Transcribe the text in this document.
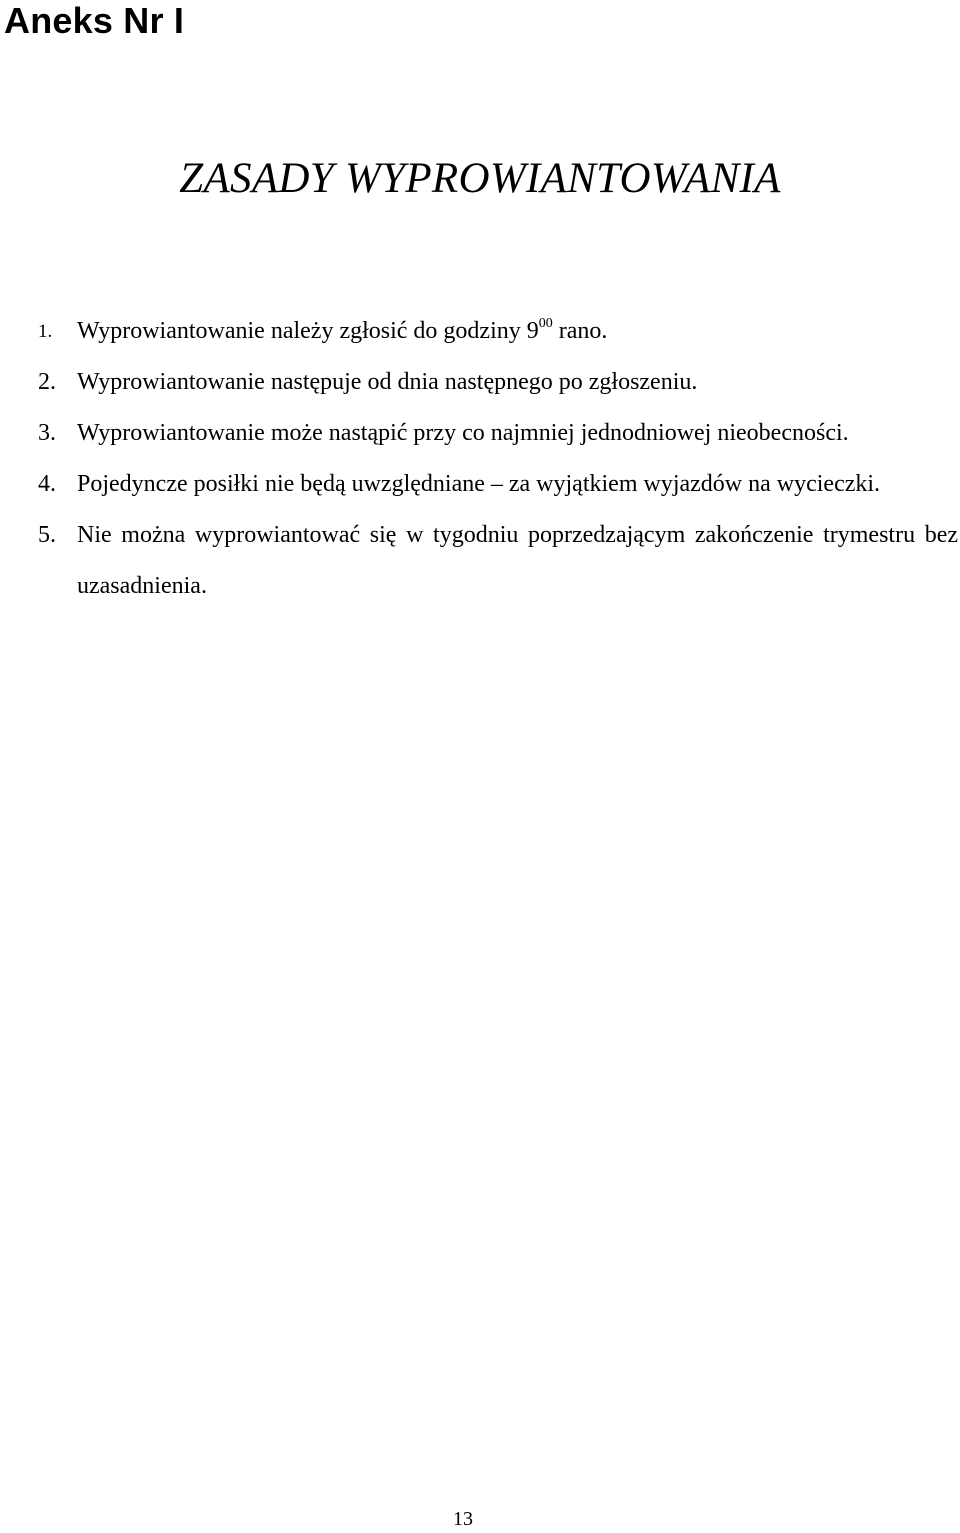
Aneks Nr I
ZASADY WYPROWIANTOWANIA
1. Wyprowiantowanie należy zgłosić do godziny $9^{00}$ rano.
2. Wyprowiantowanie następuje od dnia następnego po zgłoszeniu.
3. Wyprowiantowanie może nastąpić przy co najmniej jednodniowej nieobecności.
4. Pojedyncze posiłki nie będą uwzględniane – za wyjątkiem wyjazdów na wycieczki.
5. Nie można wyprowiantować się w tygodniu poprzedzającym zakończenie trymestru bez uzasadnienia.
13
